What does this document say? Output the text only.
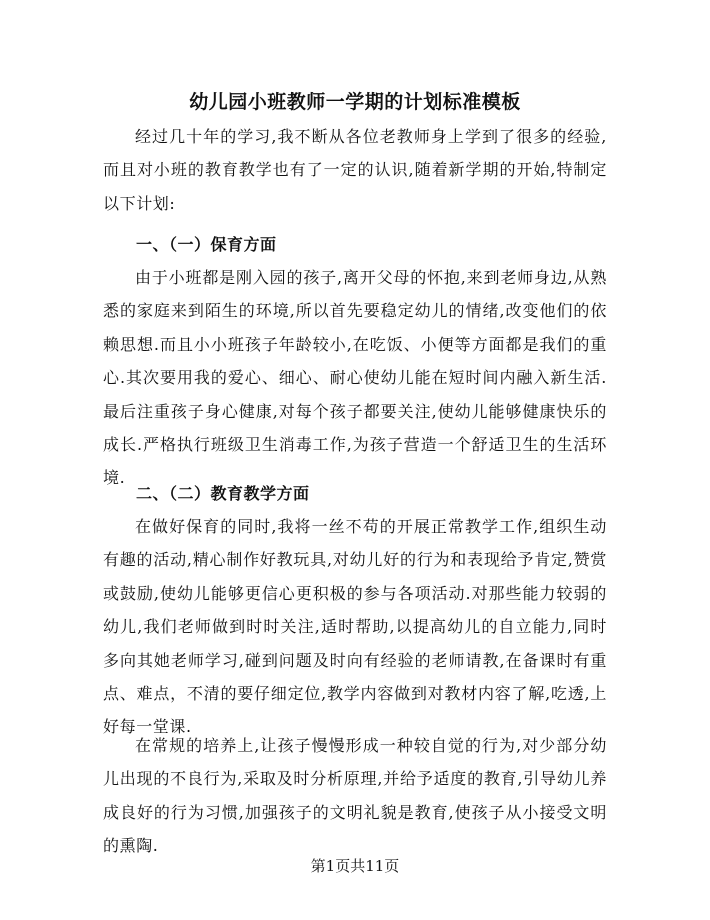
幼儿园小班教师一学期的计划标准模板
经过几十年的学习,我不断从各位老教师身上学到了很多的经验,而且对小班的教育教学也有了一定的认识,随着新学期的开始,特制定以下计划:
一、（一）保育方面
由于小班都是刚入园的孩子,离开父母的怀抱,来到老师身边,从熟悉的家庭来到陌生的环境,所以首先要稳定幼儿的情绪,改变他们的依赖思想.而且小小班孩子年龄较小,在吃饭、小便等方面都是我们的重心.其次要用我的爱心、细心、耐心使幼儿能在短时间内融入新生活.最后注重孩子身心健康,对每个孩子都要关注,使幼儿能够健康快乐的成长.严格执行班级卫生消毒工作,为孩子营造一个舒适卫生的生活环境.
二、（二）教育教学方面
在做好保育的同时,我将一丝不苟的开展正常教学工作,组织生动有趣的活动,精心制作好教玩具,对幼儿好的行为和表现给予肯定,赞赏或鼓励,使幼儿能够更信心更积极的参与各项活动.对那些能力较弱的幼儿,我们老师做到时时关注,适时帮助,以提高幼儿的自立能力,同时多向其她老师学习,碰到问题及时向有经验的老师请教,在备课时有重点、难点，不清的要仔细定位,教学内容做到对教材内容了解,吃透,上好每一堂课.
在常规的培养上,让孩子慢慢形成一种较自觉的行为,对少部分幼儿出现的不良行为,采取及时分析原理,并给予适度的教育,引导幼儿养成良好的行为习惯,加强孩子的文明礼貌是教育,使孩子从小接受文明的熏陶.
第1页共11页
